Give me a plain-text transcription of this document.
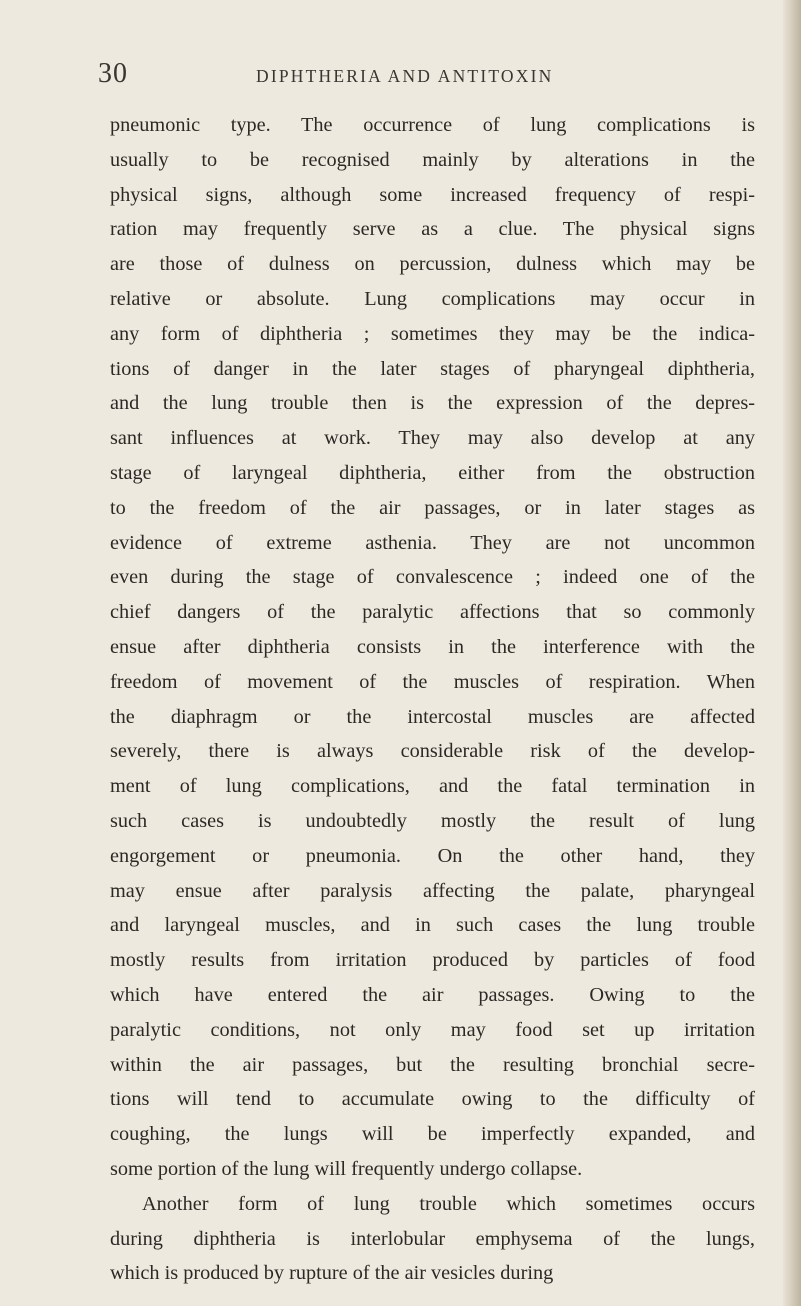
30	DIPHTHERIA AND ANTITOXIN
pneumonic type. The occurrence of lung complications is
usually to be recognised mainly by alterations in the
physical signs, although some increased frequency of respi-
ration may frequently serve as a clue. The physical signs
are those of dulness on percussion, dulness which may be
relative or absolute. Lung complications may occur in
any form of diphtheria ; sometimes they may be the indica-
tions of danger in the later stages of pharyngeal diphtheria,
and the lung trouble then is the expression of the depres-
sant influences at work. They may also develop at any
stage of laryngeal diphtheria, either from the obstruction
to the freedom of the air passages, or in later stages as
evidence of extreme asthenia. They are not uncommon
even during the stage of convalescence ; indeed one of the
chief dangers of the paralytic affections that so commonly
ensue after diphtheria consists in the interference with the
freedom of movement of the muscles of respiration. When
the diaphragm or the intercostal muscles are affected
severely, there is always considerable risk of the develop-
ment of lung complications, and the fatal termination in
such cases is undoubtedly mostly the result of lung
engorgement or pneumonia. On the other hand, they
may ensue after paralysis affecting the palate, pharyngeal
and laryngeal muscles, and in such cases the lung trouble
mostly results from irritation produced by particles of food
which have entered the air passages. Owing to the
paralytic conditions, not only may food set up irritation
within the air passages, but the resulting bronchial secre-
tions will tend to accumulate owing to the difficulty of
coughing, the lungs will be imperfectly expanded, and
some portion of the lung will frequently undergo collapse.
Another form of lung trouble which sometimes occurs
during diphtheria is interlobular emphysema of the lungs,
which is produced by rupture of the air vesicles during
